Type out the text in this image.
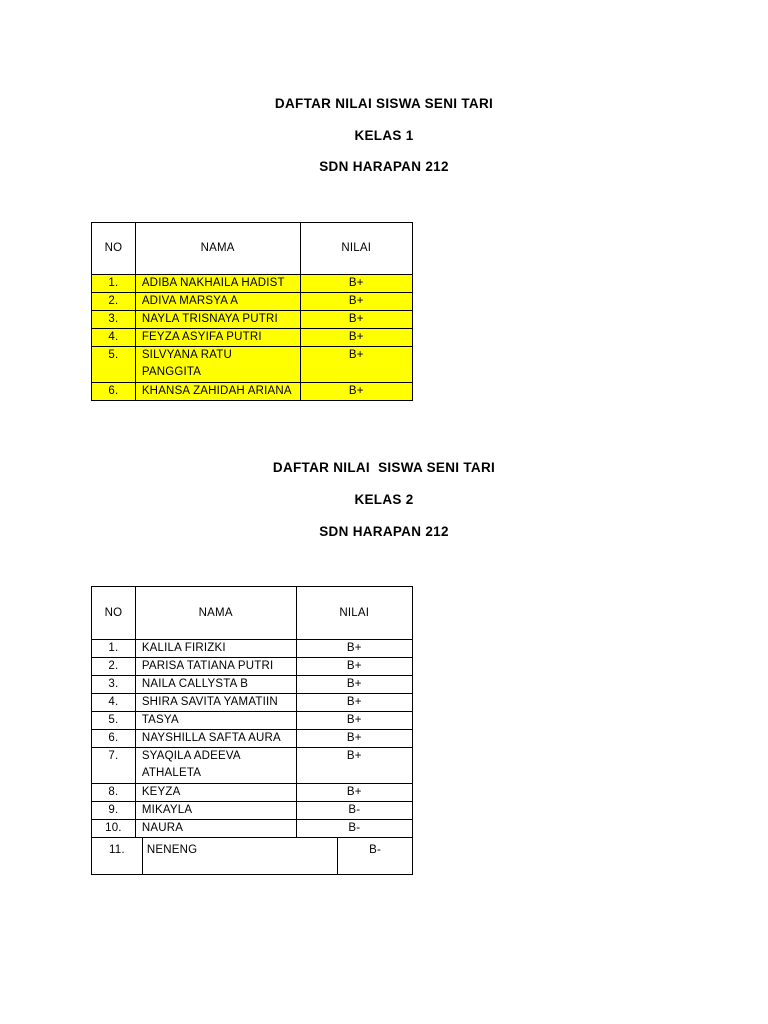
DAFTAR NILAI SISWA SENI TARI
KELAS 1
SDN HARAPAN 212
NO	NAMA	NILAI
1.	ADIBA NAKHAILA HADIST	B+
2.	ADIVA MARSYA A	B+
3.	NAYLA TRISNAYA PUTRI	B+
4.	FEYZA ASYIFA PUTRI	B+
5.	SILVYANA RATU PANGGITA	B+
6.	KHANSA ZAHIDAH ARIANA	B+
DAFTAR NILAI  SISWA SENI TARI
KELAS 2
SDN HARAPAN 212
NO	NAMA	NILAI
1.	KALILA FIRIZKI	B+
2.	PARISA TATIANA PUTRI	B+
3.	NAILA CALLYSTA B	B+
4.	SHIRA SAVITA YAMATIIN	B+
5.	TASYA	B+
6.	NAYSHILLA SAFTA AURA	B+
7.	SYAQILA ADEEVA ATHALETA	B+
8.	KEYZA	B+
9.	MIKAYLA	B-
10.	NAURA	B-
11.	NENENG	B-
